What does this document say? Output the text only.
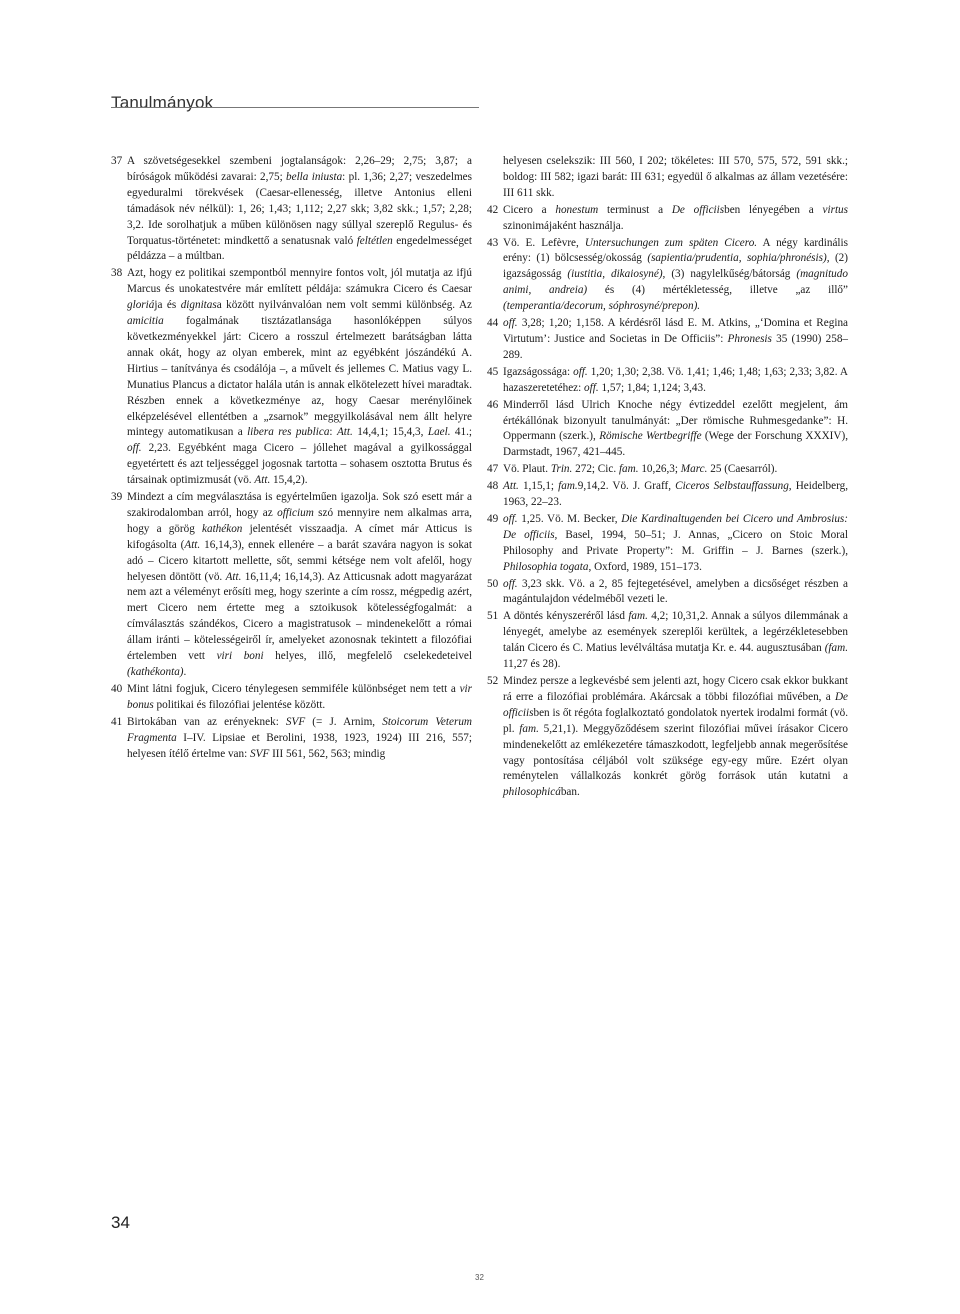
Tanulmányok
37 A szövetségesekkel szembeni jogtalanságok: 2,26–29; 2,75; 3,87; a bíróságok működési zavarai: 2,75; bella iniusta: pl. 1,36; 2,27; veszedelmes egyeduralmi törekvések (Caesar-ellenesség, illetve Antonius elleni támadások név nélkül): 1, 26; 1,43; 1,112; 2,27 skk; 3,82 skk.; 1,57; 2,28; 3,2. Ide sorolhatjuk a műben különösen nagy súllyal szereplő Regulus- és Torquatus-történetet: mindkettő a senatusnak való feltétlen engedelmességet példázza – a múltban.
38 Azt, hogy ez politikai szempontból mennyire fontos volt, jól mutatja az ifjú Marcus és unokatestvére már említett példája: számukra Cicero és Caesar gloriája és dignitasa között nyilvánvalóan nem volt semmi különbség. Az amicitia fogalmának tisztázatlansága hasonlóképpen súlyos következményekkel járt: Cicero a rosszul értelmezett barátságban látta annak okát, hogy az olyan emberek, mint az egyébként jószándékú A. Hirtius – tanítványa és csodálója –, a művelt és jellemes C. Matius vagy L. Munatius Plancus a dictator halála után is annak elkötelezett hívei maradtak. Részben ennek a következménye az, hogy Caesar merénylőinek elképzelésével ellentétben a „zsarnok” meggyilkolásával nem állt helyre mintegy automatikusan a libera res publica: Att. 14,4,1; 15,4,3, Lael. 41.; off. 2,23. Egyébként maga Cicero – jóllehet magával a gyilkossággal egyetértett és azt teljességgel jogosnak tartotta – sohasem osztotta Brutus és társainak optimizmusát (vö. Att. 15,4,2).
39 Mindezt a cím megválasztása is egyértelműen igazolja. Sok szó esett már a szakirodalomban arról, hogy az officium szó mennyire nem alkalmas arra, hogy a görög kathékon jelentését visszaadja. A címet már Atticus is kifogásolta (Att. 16,14,3), ennek ellenére – a barát szavára nagyon is sokat adó – Cicero kitartott mellette, sőt, semmi kétsége nem volt afelől, hogy helyesen döntött (vö. Att. 16,11,4; 16,14,3). Az Atticusnak adott magyarázat nem azt a véleményt erősíti meg, hogy szerinte a cím rossz, mégpedig azért, mert Cicero nem értette meg a sztoikusok kötelességfogalmát: a címválasztás szándékos, Cicero a magistratusok – mindenekelőtt a római állam iránti – kötelességeiről ír, amelyeket azonosnak tekintett a filozófiai értelemben vett viri boni helyes, illő, megfelelő cselekedeteivel (kathékonta).
40 Mint látni fogjuk, Cicero ténylegesen semmiféle különbséget nem tett a vir bonus politikai és filozófiai jelentése között.
41 Birtokában van az erényeknek: SVF (= J. Arnim, Stoicorum Veterum Fragmenta I–IV. Lipsiae et Berolini, 1938, 1923, 1924) III 216, 557; helyesen ítélő értelme van: SVF III 561, 562, 563; mindig
helyesen cselekszik: III 560, I 202; tökéletes: III 570, 575, 572, 591 skk.; boldog: III 582; igazi barát: III 631; egyedül ő alkalmas az állam vezetésére: III 611 skk.
42 Cicero a honestum terminust a De officiisben lényegében a virtus szinonimájaként használja.
43 Vö. E. Lefèvre, Untersuchungen zum späten Cicero. A négy kardinális erény: (1) bölcsesség/okosság (sapientia/prudentia, sophia/phronésis), (2) igazságosság (iustitia, dikaiosyné), (3) nagylelkűség/bátorság (magnitudo animi, andreia) és (4) mértékletesség, illetve „az illő” (temperantia/decorum, sóphrosyné/prepon).
44 off. 3,28; 1,20; 1,158. A kérdésről lásd E. M. Atkins, „‘Domina et Regina Virtutum’: Justice and Societas in De Officiis”: Phronesis 35 (1990) 258–289.
45 Igazságossága: off. 1,20; 1,30; 2,38. Vö. 1,41; 1,46; 1,48; 1,63; 2,33; 3,82. A hazaszeretetéhez: off. 1,57; 1,84; 1,124; 3,43.
46 Minderről lásd Ulrich Knoche négy évtizeddel ezelőtt megjelent, ám értékállónak bizonyult tanulmányát: „Der römische Ruhmesgedanke”: H. Oppermann (szerk.), Römische Wertbegriffe (Wege der Forschung XXXIV), Darmstadt, 1967, 421–445.
47 Vö. Plaut. Trin. 272; Cic. fam. 10,26,3; Marc. 25 (Caesarról).
48 Att. 1,15,1; fam.9,14,2. Vö. J. Graff, Ciceros Selbstauffassung, Heidelberg, 1963, 22–23.
49 off. 1,25. Vö. M. Becker, Die Kardinaltugenden bei Cicero und Ambrosius: De officiis, Basel, 1994, 50–51; J. Annas, „Cicero on Stoic Moral Philosophy and Private Property”: M. Griffin – J. Barnes (szerk.), Philosophia togata, Oxford, 1989, 151–173.
50 off. 3,23 skk. Vö. a 2, 85 fejtegetésével, amelyben a dicsőséget részben a magántulajdon védelméből vezeti le.
51 A döntés kényszeréről lásd fam. 4,2; 10,31,2. Annak a súlyos dilemmának a lényegét, amelybe az események szereplői kerültek, a legérzékletesebben talán Cicero és C. Matius levélváltása mutatja Kr. e. 44. augusztusában (fam. 11,27 és 28).
52 Mindez persze a legkevésbé sem jelenti azt, hogy Cicero csak ekkor bukkant rá erre a filozófiai problémára. Akárcsak a többi filozófiai művében, a De officiisben is őt régóta foglalkoztató gondolatok nyertek irodalmi formát (vö. pl. fam. 5,21,1). Meggyőződésem szerint filozófiai művei írásakor Cicero mindenekelőtt az emlékezetére támaszkodott, legfeljebb annak megerősítése vagy pontosítása céljából volt szüksége egy-egy műre. Ezért olyan reménytelen vállalkozás konkrét görög források után kutatni a philosophicában.
34
32
